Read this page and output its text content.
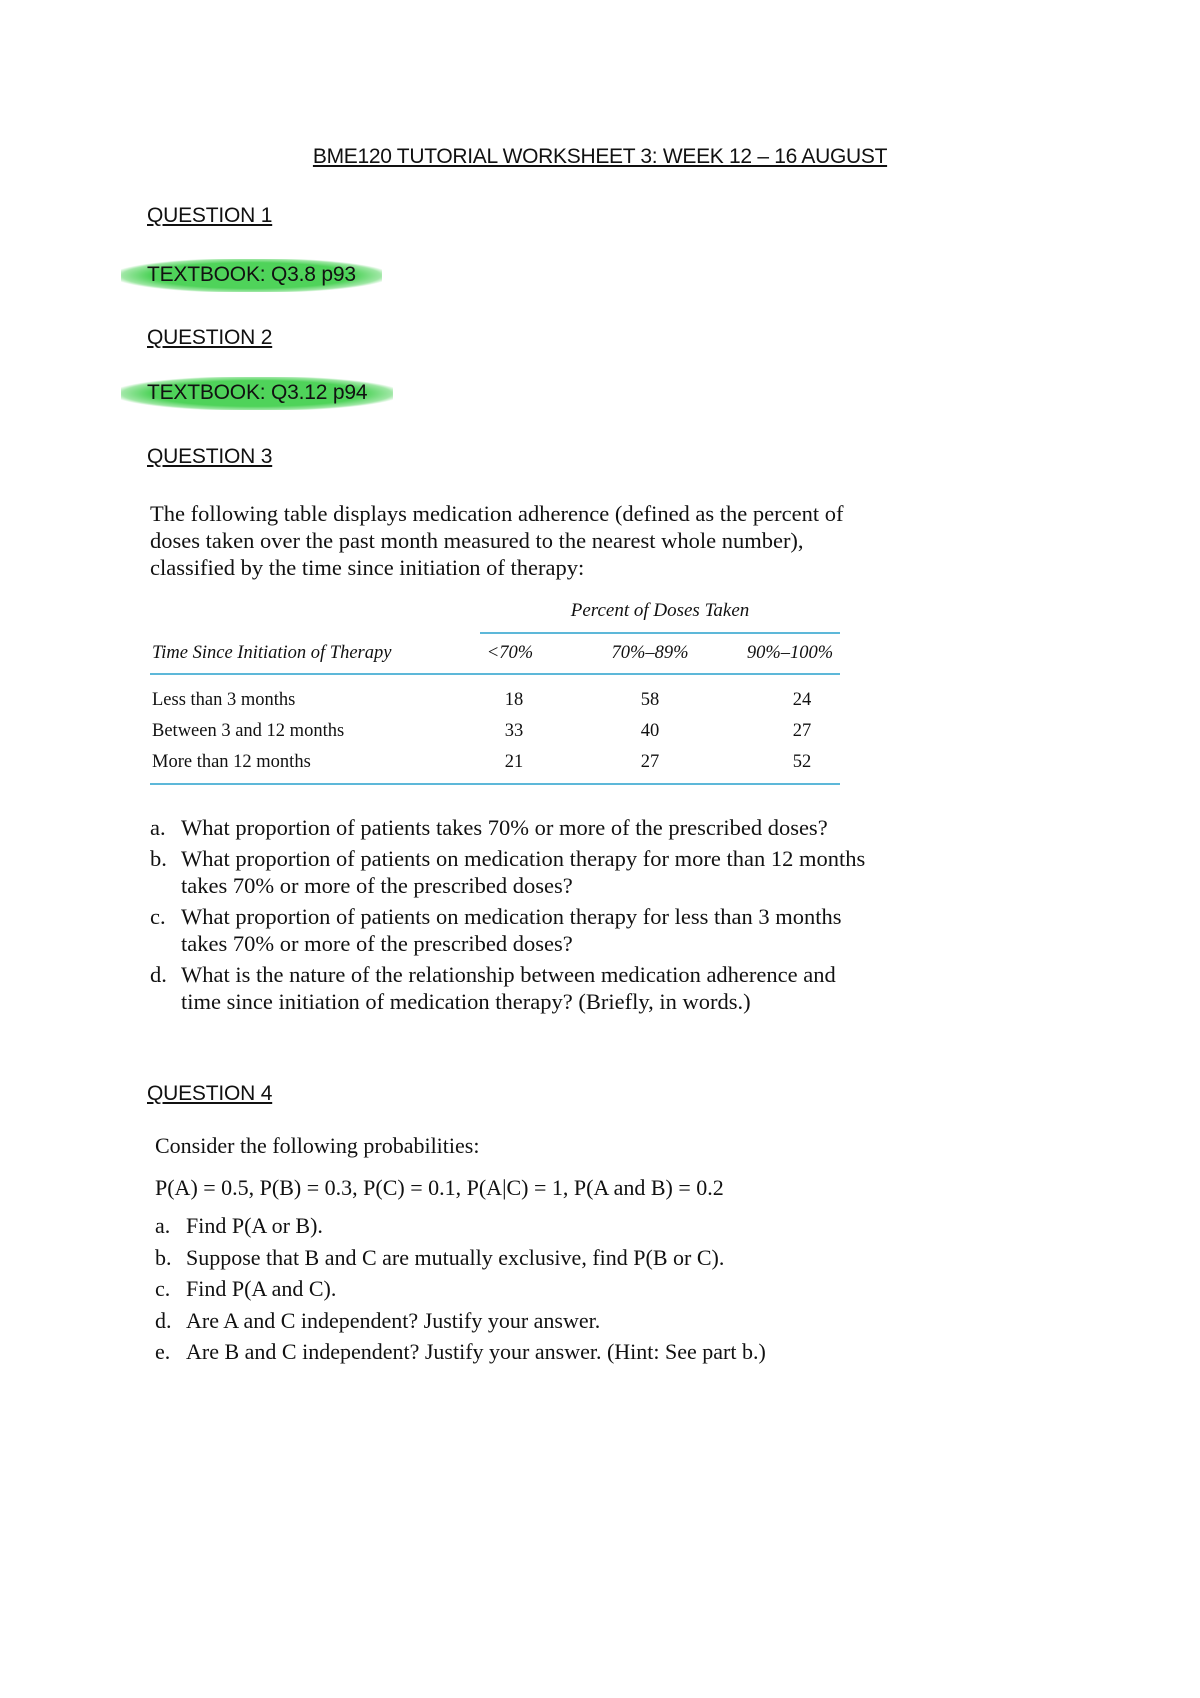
BME120 TUTORIAL WORKSHEET 3: WEEK 12 – 16 AUGUST
QUESTION 1
TEXTBOOK: Q3.8 p93
QUESTION 2
TEXTBOOK: Q3.12 p94
QUESTION 3
The following table displays medication adherence (defined as the percent of doses taken over the past month measured to the nearest whole number), classified by the time since initiation of therapy:
Percent of Doses Taken
Time Since Initiation of Therapy	<70%	70%–89%	90%–100%
Less than 3 months	18	58	24
Between 3 and 12 months	33	40	27
More than 12 months	21	27	52
a. What proportion of patients takes 70% or more of the prescribed doses?
b. What proportion of patients on medication therapy for more than 12 months takes 70% or more of the prescribed doses?
c. What proportion of patients on medication therapy for less than 3 months takes 70% or more of the prescribed doses?
d. What is the nature of the relationship between medication adherence and time since initiation of medication therapy? (Briefly, in words.)
QUESTION 4
Consider the following probabilities:
P(A) = 0.5, P(B) = 0.3, P(C) = 0.1, P(A|C) = 1, P(A and B) = 0.2
a. Find P(A or B).
b. Suppose that B and C are mutually exclusive, find P(B or C).
c. Find P(A and C).
d. Are A and C independent? Justify your answer.
e. Are B and C independent? Justify your answer. (Hint: See part b.)
